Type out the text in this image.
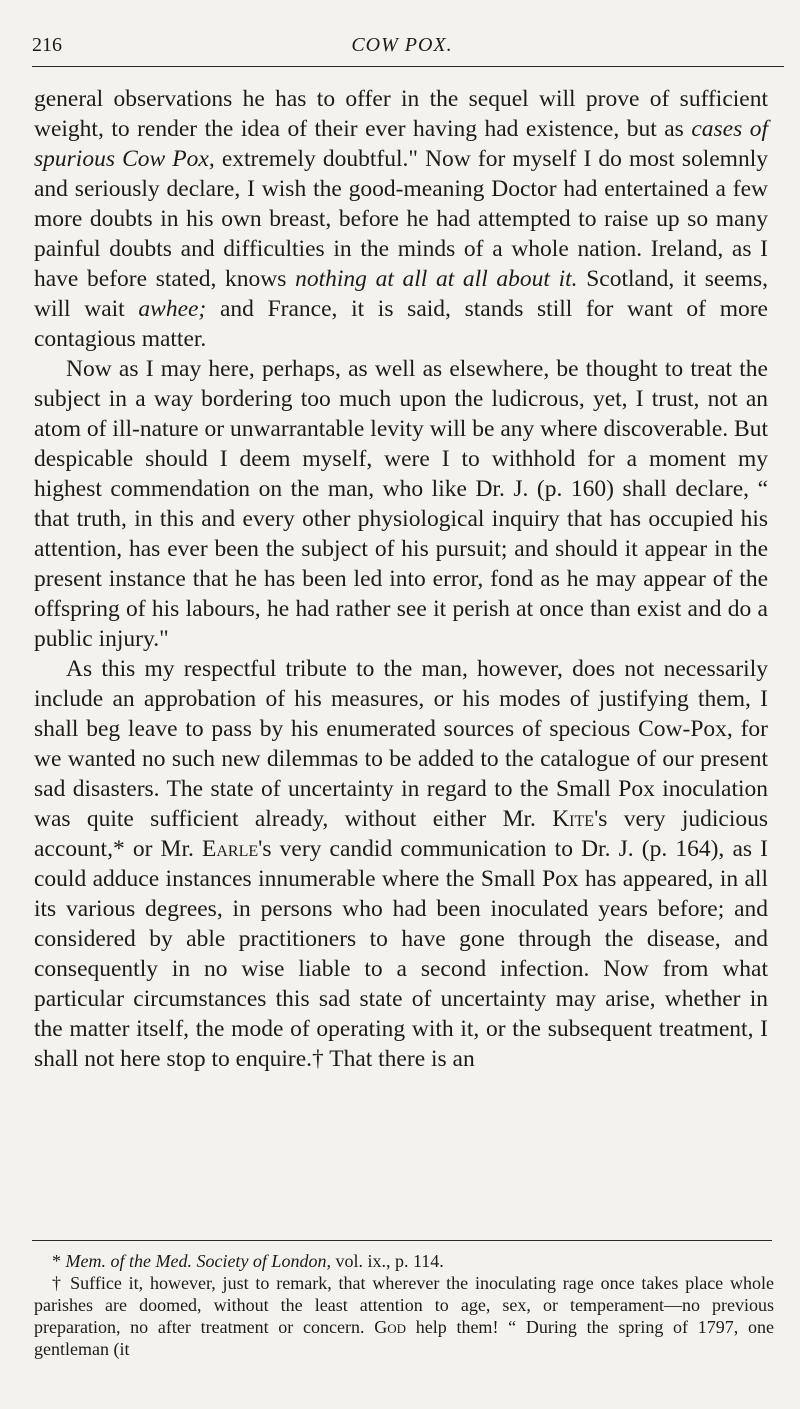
216	COW POX.

general observations he has to offer in the sequel will prove of sufficient weight, to render the idea of their ever having had existence, but as cases of spurious Cow Pox, extremely doubtful." Now for myself I do most solemnly and seriously declare, I wish the good-meaning Doctor had entertained a few more doubts in his own breast, before he had attempted to raise up so many painful doubts and difficulties in the minds of a whole nation. Ireland, as I have before stated, knows nothing at all at all about it. Scotland, it seems, will wait awhee; and France, it is said, stands still for want of more contagious matter.

Now as I may here, perhaps, as well as elsewhere, be thought to treat the subject in a way bordering too much upon the ludicrous, yet, I trust, not an atom of ill-nature or unwarrantable levity will be any where discoverable. But despicable should I deem myself, were I to withhold for a moment my highest commendation on the man, who like Dr. J. (p. 160) shall declare, “ that truth, in this and every other physiological inquiry that has occupied his attention, has ever been the subject of his pursuit; and should it appear in the present instance that he has been led into error, fond as he may appear of the offspring of his labours, he had rather see it perish at once than exist and do a public injury."

As this my respectful tribute to the man, however, does not necessarily include an approbation of his measures, or his modes of justifying them, I shall beg leave to pass by his enumerated sources of specious Cow-Pox, for we wanted no such new dilemmas to be added to the catalogue of our present sad disasters. The state of uncertainty in regard to the Small Pox inoculation was quite sufficient already, without either Mr. Kite's very judicious account,* or Mr. Earle's very candid communication to Dr. J. (p. 164), as I could adduce instances innumerable where the Small Pox has appeared, in all its various degrees, in persons who had been inoculated years before; and considered by able practitioners to have gone through the disease, and consequently in no wise liable to a second infection. Now from what particular circumstances this sad state of uncertainty may arise, whether in the matter itself, the mode of operating with it, or the subsequent treatment, I shall not here stop to enquire.† That there is an

* Mem. of the Med. Society of London, vol. ix., p. 114.

† Suffice it, however, just to remark, that wherever the inoculating rage once takes place whole parishes are doomed, without the least attention to age, sex, or temperament—no previous preparation, no after treatment or concern. God help them! “ During the spring of 1797, one gentleman (it
